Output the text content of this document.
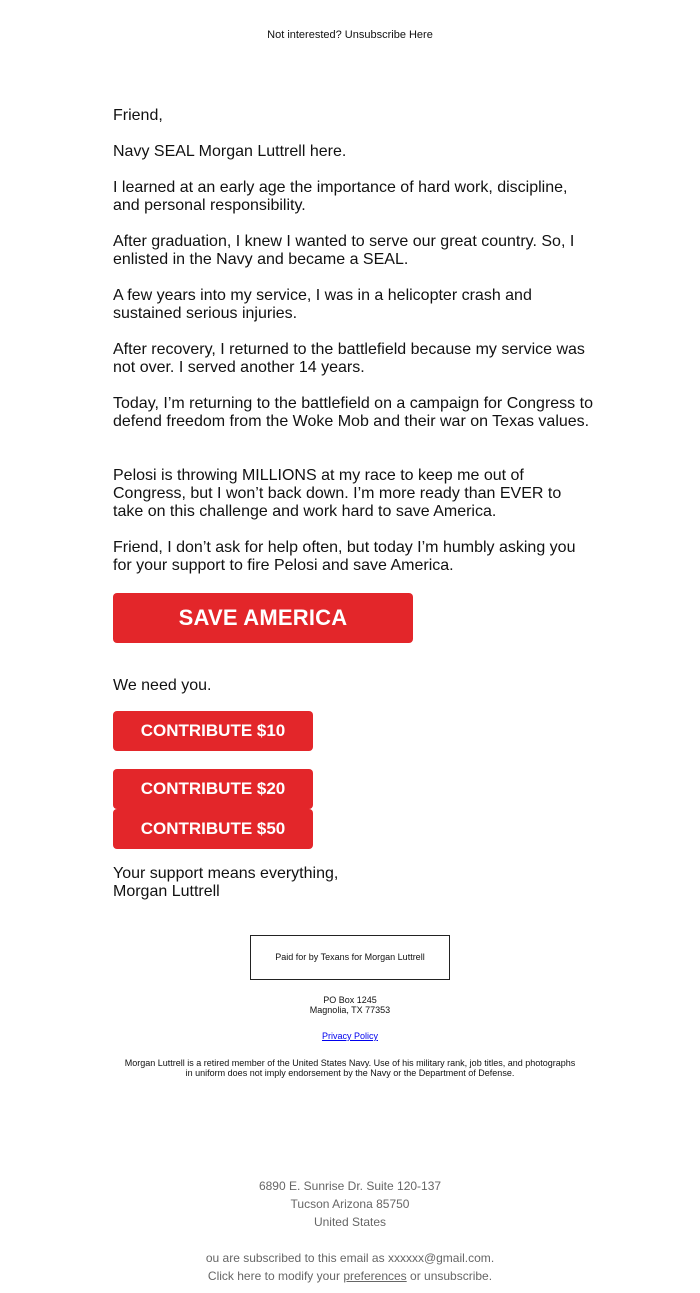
Not interested? Unsubscribe Here

Friend,

Navy SEAL Morgan Luttrell here.

I learned at an early age the importance of hard work, discipline, and personal responsibility.

After graduation, I knew I wanted to serve our great country. So, I enlisted in the Navy and became a SEAL.

A few years into my service, I was in a helicopter crash and sustained serious injuries.

After recovery, I returned to the battlefield because my service was not over. I served another 14 years.

Today, I’m returning to the battlefield on a campaign for Congress to defend freedom from the Woke Mob and their war on Texas values.

Pelosi is throwing MILLIONS at my race to keep me out of Congress, but I won’t back down. I’m more ready than EVER to take on this challenge and work hard to save America.

Friend, I don’t ask for help often, but today I’m humbly asking you for your support to fire Pelosi and save America.

SAVE AMERICA

We need you.

CONTRIBUTE $10
CONTRIBUTE $20
CONTRIBUTE $50

Your support means everything,

Morgan Luttrell

Paid for by Texans for Morgan Luttrell
PO Box 1245
Magnolia, TX 77353
Privacy Policy
Morgan Luttrell is a retired member of the United States Navy. Use of his military rank, job titles, and photographs in uniform does not imply endorsement by the Navy or the Department of Defense.
6890 E. Sunrise Dr. Suite 120-137
Tucson Arizona 85750
United States
ou are subscribed to this email as xxxxxx@gmail.com.
Click here to modify your preferences or unsubscribe.
